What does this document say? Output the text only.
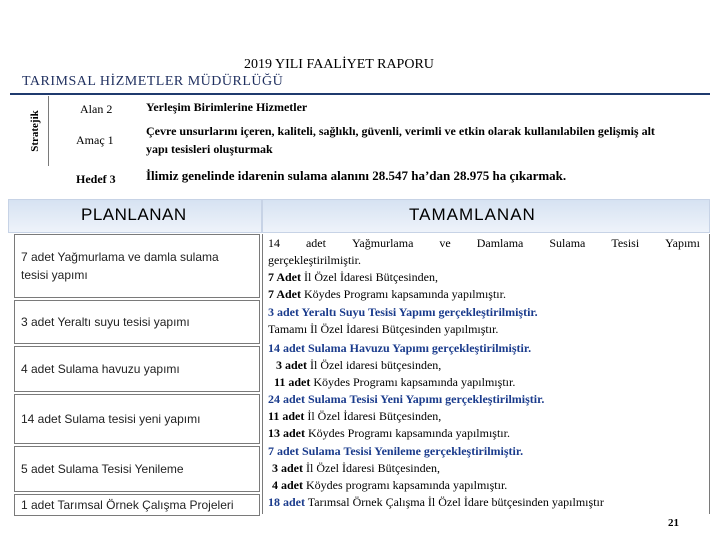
2019 YILI FAALİYET RAPORU
TARIMSAL HİZMETLER MÜDÜRLÜĞÜ
Stratejik
Alan 2	Yerleşim Birimlerine Hizmetler
Amaç 1
Çevre unsurlarını içeren, kaliteli, sağlıklı, güvenli, verimli ve etkin olarak kullanılabilen gelişmiş alt
yapı tesisleri oluşturmak
Hedef 3 İlimiz genelinde idarenin sulama alanını 28.547 ha’dan 28.975 ha çıkarmak.
PLANLANAN	TAMAMLANAN
7 adet Yağmurlama ve damla sulama
tesisi yapımı
3 adet Yeraltı suyu tesisi yapımı
4 adet Sulama havuzu yapımı
14 adet Sulama tesisi yeni yapımı
5 adet Sulama Tesisi Yenileme
1 adet Tarımsal Örnek Çalışma Projeleri
14 adet Yağmurlama ve Damlama Sulama Tesisi Yapımı
gerçekleştirilmiştir.
7 Adet İl Özel İdaresi Bütçesinden,
7 Adet Köydes Programı kapsamında yapılmıştır.
3 adet Yeraltı Suyu Tesisi Yapımı gerçekleştirilmiştir.
Tamamı İl Özel İdaresi Bütçesinden yapılmıştır.
14 adet Sulama Havuzu Yapımı gerçekleştirilmiştir.
3 adet İl Özel idaresi bütçesinden,
11 adet Köydes Programı kapsamında yapılmıştır.
24 adet Sulama Tesisi Yeni Yapımı gerçekleştirilmiştir.
11 adet İl Özel İdaresi Bütçesinden,
13 adet Köydes Programı kapsamında yapılmıştır.
7 adet Sulama Tesisi Yenileme gerçekleştirilmiştir.
3 adet İl Özel İdaresi Bütçesinden,
4 adet Köydes programı kapsamında yapılmıştır.
18 adet Tarımsal Örnek Çalışma İl Özel İdare bütçesinden yapılmıştır
21
